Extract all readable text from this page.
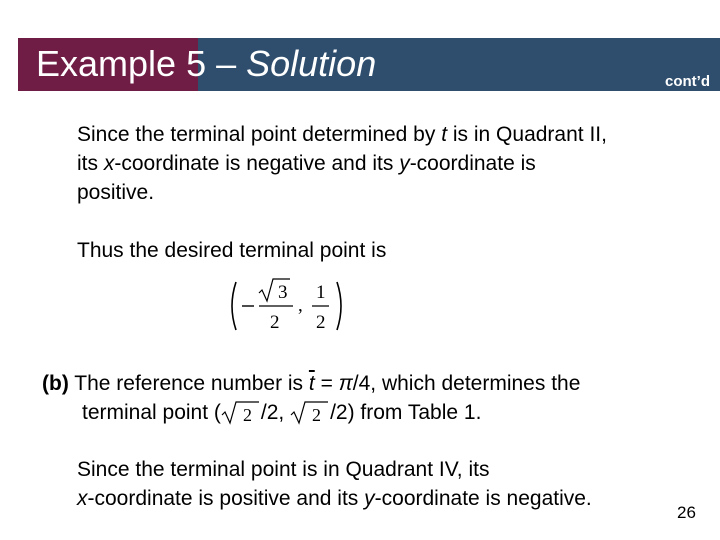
Example 5 – Solution	cont’d
Since the terminal point determined by t is in Quadrant II,
its x-coordinate is negative and its y-coordinate is
positive.
Thus the desired terminal point is
3
2
,
1
2
(b) The reference number is $\overline{t} = \pi/4$, which determines the
terminal point ( 2 /2, 2 /2) from Table 1.
Since the terminal point is in Quadrant IV, its
x-coordinate is positive and its y-coordinate is negative.
26
